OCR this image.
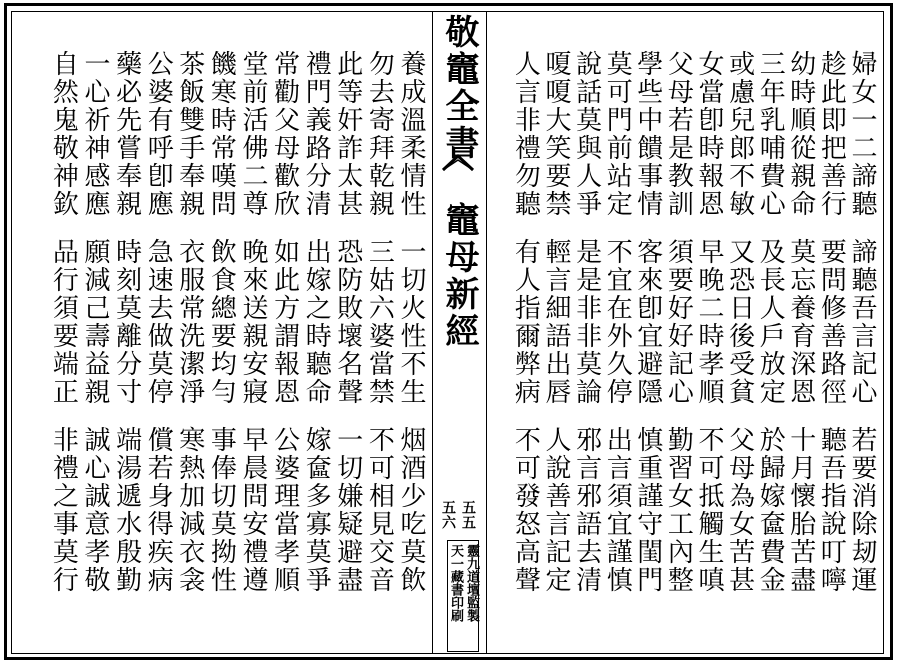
敬竈全書
竈母新經
五五
五六
靈九道壇監製
天一藏書印刷
婦女一二諦聽
諦聽吾言記心
若要消除刼運
趁此即把善行
要問修善路徑
聽吾指說叮嚀
幼時順從親命
莫忘養育深恩
十月懷胎苦盡
三年乳哺費心
及長人戶放定
於歸嫁奩費金
或慮兒郎不敏
又恐日後受貧
父母為女苦甚
女當卽時報恩
早晚二時孝順
不可抵觸生嗔
父母若是教訓
須要好好記心
勤習女工內整
學些中饋事情
客來卽宜避隱
慎重謹守閨門
莫可門前站定
不宜在外久停
出言須宜謹慎
說話莫與人爭
是是非非莫論
邪言邪語去清
嗄嗄大笑要禁
輕言細語出唇
人說善言記定
人言非禮勿聽
有人指爾弊病
不可發怒高聲
養成溫柔情性
一切火性不生
烟酒少吃莫飲
勿去寄拜乾親
三姑六婆當禁
不可相見交音
此等奸詐太甚
恐防敗壞名聲
一切嫌疑避盡
禮門義路分清
出嫁之時聽命
嫁奩多寡莫爭
常勸父母歡欣
如此方謂報恩
公婆理當孝順
堂前活佛二尊
晚來送親安寢
早晨問安禮遵
饑寒時常嘆問
飲食總要均勻
事俸切莫拗性
茶飯雙手奉親
衣服常洗潔淨
寒熱加減衣衾
公婆有呼卽應
急速去做莫停
償若身得疾病
藥必先嘗奉親
時刻莫離分寸
端湯遞水殷勤
一心祈神感應
願減己壽益親
誠心誠意孝敬
自然鬼敬神欽
品行須要端正
非禮之事莫行
